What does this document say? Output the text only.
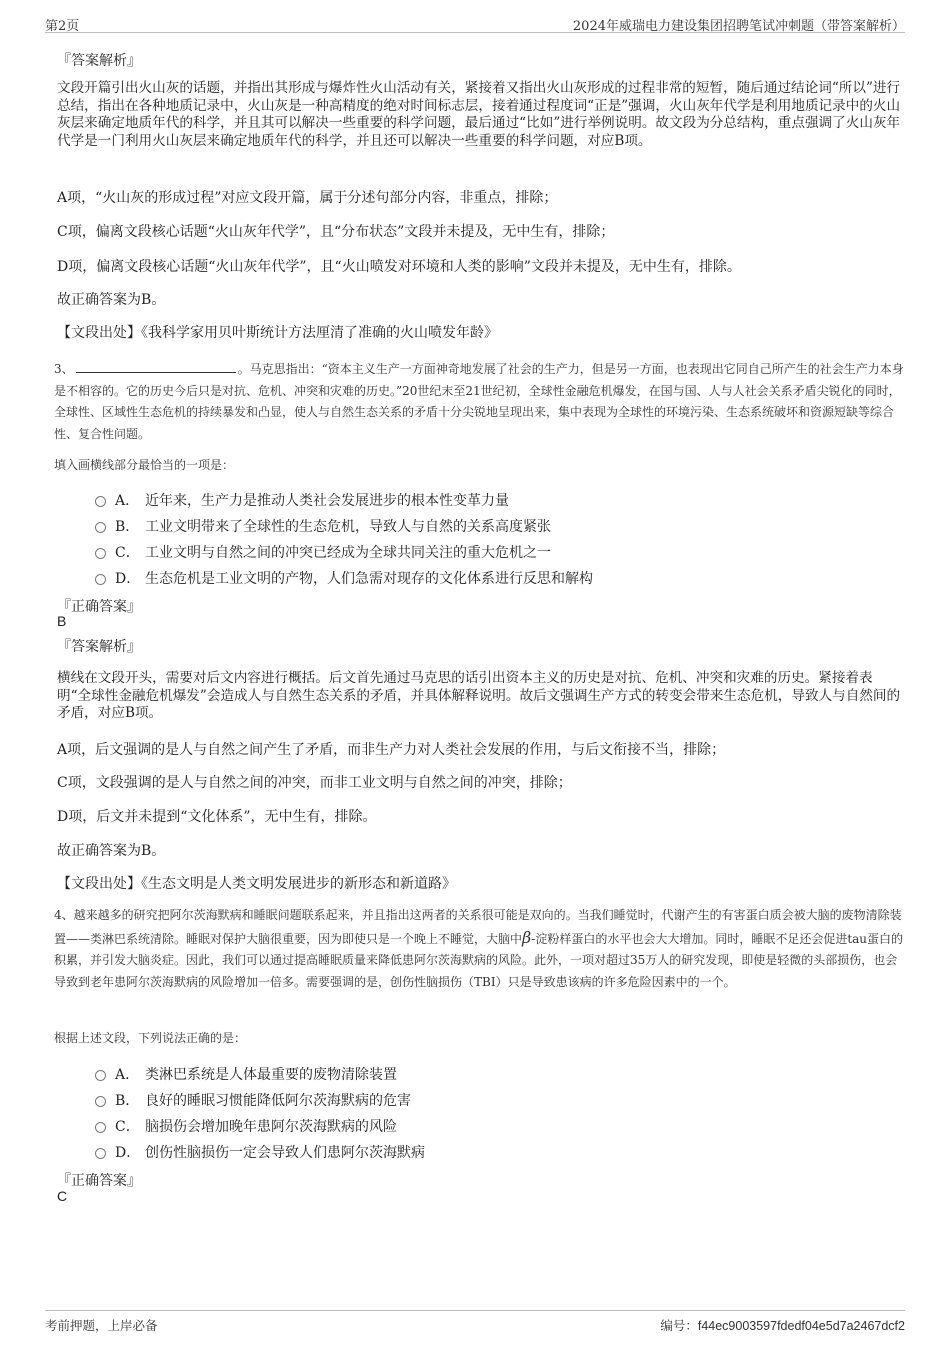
第2页	2024年威瑞电力建设集团招聘笔试冲刺题（带答案解析）
『答案解析』
文段开篇引出火山灰的话题，并指出其形成与爆炸性火山活动有关，紧接着又指出火山灰形成的过程非常的短暂，随后通过结论词“所以”进行总结，指出在各种地质记录中，火山灰是一种高精度的绝对时间标志层，接着通过程度词“正是”强调，火山灰年代学是利用地质记录中的火山灰层来确定地质年代的科学，并且其可以解决一些重要的科学问题，最后通过“比如”进行举例说明。故文段为分总结构，重点强调了火山灰年代学是一门利用火山灰层来确定地质年代的科学，并且还可以解决一些重要的科学问题，对应B项。
A项，“火山灰的形成过程”对应文段开篇，属于分述句部分内容，非重点，排除；
C项，偏离文段核心话题“火山灰年代学”，且“分布状态”文段并未提及，无中生有，排除；
D项，偏离文段核心话题“火山灰年代学”，且“火山喷发对环境和人类的影响”文段并未提及，无中生有，排除。
故正确答案为B。
【文段出处】《我科学家用贝叶斯统计方法厘清了准确的火山喷发年龄》
3、	。马克思指出：“资本主义生产一方面神奇地发展了社会的生产力，但是另一方面，也表现出它同自己所产生的社会生产力本身是不相容的。它的历史今后只是对抗、危机、冲突和灾难的历史。”20世纪末至21世纪初，全球性金融危机爆发，在国与国、人与人社会关系矛盾尖锐化的同时，全球性、区域性生态危机的持续暴发和凸显，使人与自然生态关系的矛盾十分尖锐地呈现出来，集中表现为全球性的环境污染、生态系统破坏和资源短缺等综合性、复合性问题。
填入画横线部分最恰当的一项是：
A． 近年来，生产力是推动人类社会发展进步的根本性变革力量
B． 工业文明带来了全球性的生态危机，导致人与自然的关系高度紧张
C． 工业文明与自然之间的冲突已经成为全球共同关注的重大危机之一
D． 生态危机是工业文明的产物，人们急需对现存的文化体系进行反思和解构
『正确答案』
B
『答案解析』
横线在文段开头，需要对后文内容进行概括。后文首先通过马克思的话引出资本主义的历史是对抗、危机、冲突和灾难的历史。紧接着表明“全球性金融危机爆发”会造成人与自然生态关系的矛盾，并具体解释说明。故后文强调生产方式的转变会带来生态危机，导致人与自然间的矛盾，对应B项。
A项，后文强调的是人与自然之间产生了矛盾，而非生产力对人类社会发展的作用，与后文衔接不当，排除；
C项，文段强调的是人与自然之间的冲突，而非工业文明与自然之间的冲突，排除；
D项，后文并未提到“文化体系”，无中生有，排除。
故正确答案为B。
【文段出处】《生态文明是人类文明发展进步的新形态和新道路》
4、越来越多的研究把阿尔茨海默病和睡眠问题联系起来，并且指出这两者的关系很可能是双向的。当我们睡觉时，代谢产生的有害蛋白质会被大脑的废物清除装置——类淋巴系统清除。睡眠对保护大脑很重要，因为即使只是一个晚上不睡觉，大脑中β-淀粉样蛋白的水平也会大大增加。同时，睡眠不足还会促进tau蛋白的积累，并引发大脑炎症。因此，我们可以通过提高睡眠质量来降低患阿尔茨海默病的风险。此外，一项对超过35万人的研究发现，即使是轻微的头部损伤，也会导致到老年患阿尔茨海默病的风险增加一倍多。需要强调的是，创伤性脑损伤（TBI）只是导致患该病的许多危险因素中的一个。
根据上述文段，下列说法正确的是：
A． 类淋巴系统是人体最重要的废物清除装置
B． 良好的睡眠习惯能降低阿尔茨海默病的危害
C． 脑损伤会增加晚年患阿尔茨海默病的风险
D． 创伤性脑损伤一定会导致人们患阿尔茨海默病
『正确答案』
C
考前押题，上岸必备	编号：f44ec9003597fdedf04e5d7a2467dcf2
